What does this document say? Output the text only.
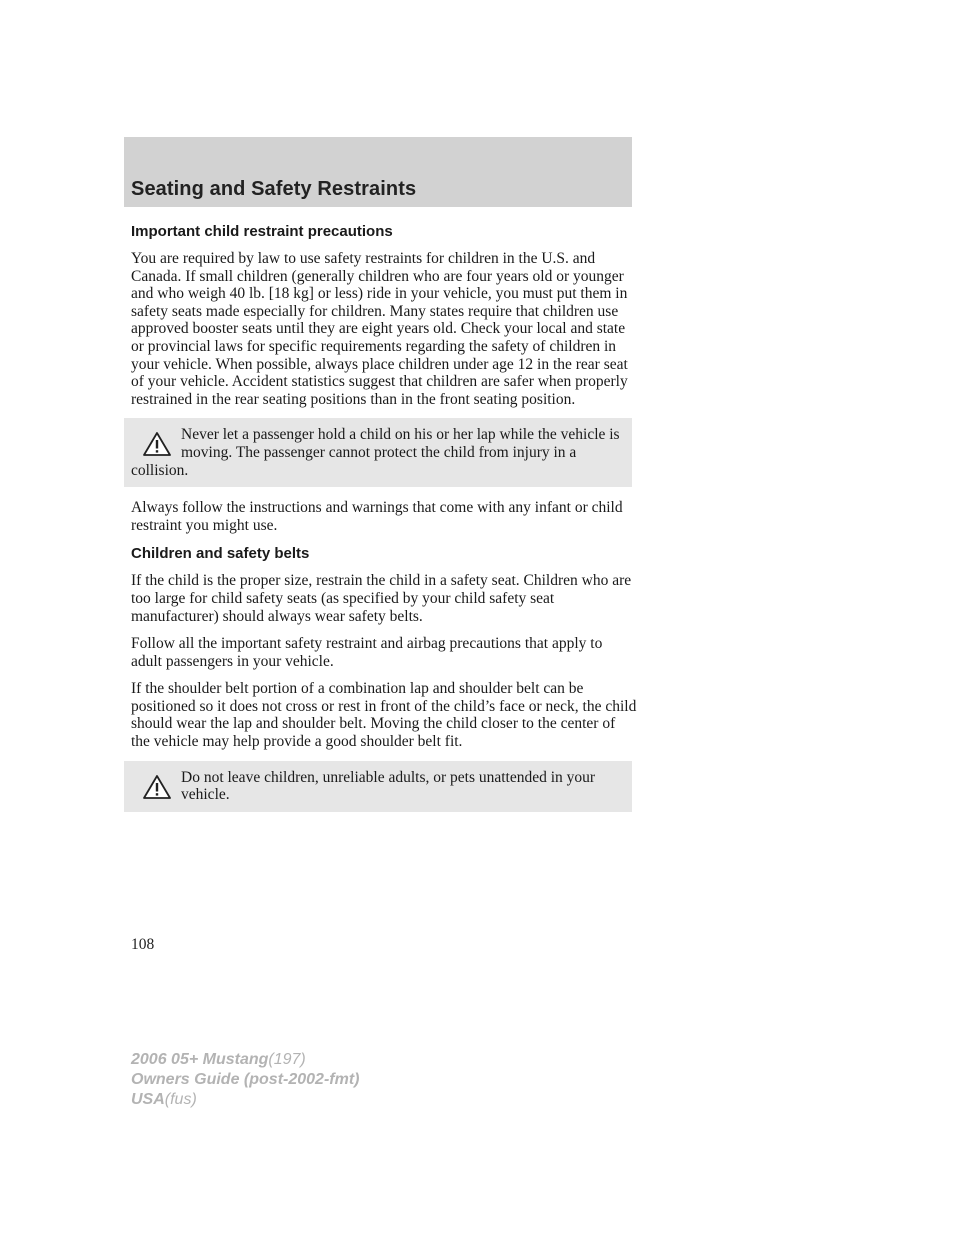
Seating and Safety Restraints
Important child restraint precautions

You are required by law to use safety restraints for children in the U.S. and Canada. If small children (generally children who are four years old or younger and who weigh 40 lb. [18 kg] or less) ride in your vehicle, you must put them in safety seats made especially for children. Many states require that children use approved booster seats until they are eight years old. Check your local and state or provincial laws for specific requirements regarding the safety of children in your vehicle. When possible, always place children under age 12 in the rear seat of your vehicle. Accident statistics suggest that children are safer when properly restrained in the rear seating positions than in the front seating position.

Never let a passenger hold a child on his or her lap while the vehicle is moving. The passenger cannot protect the child from injury in a collision.

Always follow the instructions and warnings that come with any infant or child restraint you might use.

Children and safety belts

If the child is the proper size, restrain the child in a safety seat. Children who are too large for child safety seats (as specified by your child safety seat manufacturer) should always wear safety belts.

Follow all the important safety restraint and airbag precautions that apply to adult passengers in your vehicle.

If the shoulder belt portion of a combination lap and shoulder belt can be positioned so it does not cross or rest in front of the child’s face or neck, the child should wear the lap and shoulder belt. Moving the child closer to the center of the vehicle may help provide a good shoulder belt fit.

Do not leave children, unreliable adults, or pets unattended in your vehicle.

108

2006 05+ Mustang(197)
Owners Guide (post-2002-fmt)
USA(fus)
